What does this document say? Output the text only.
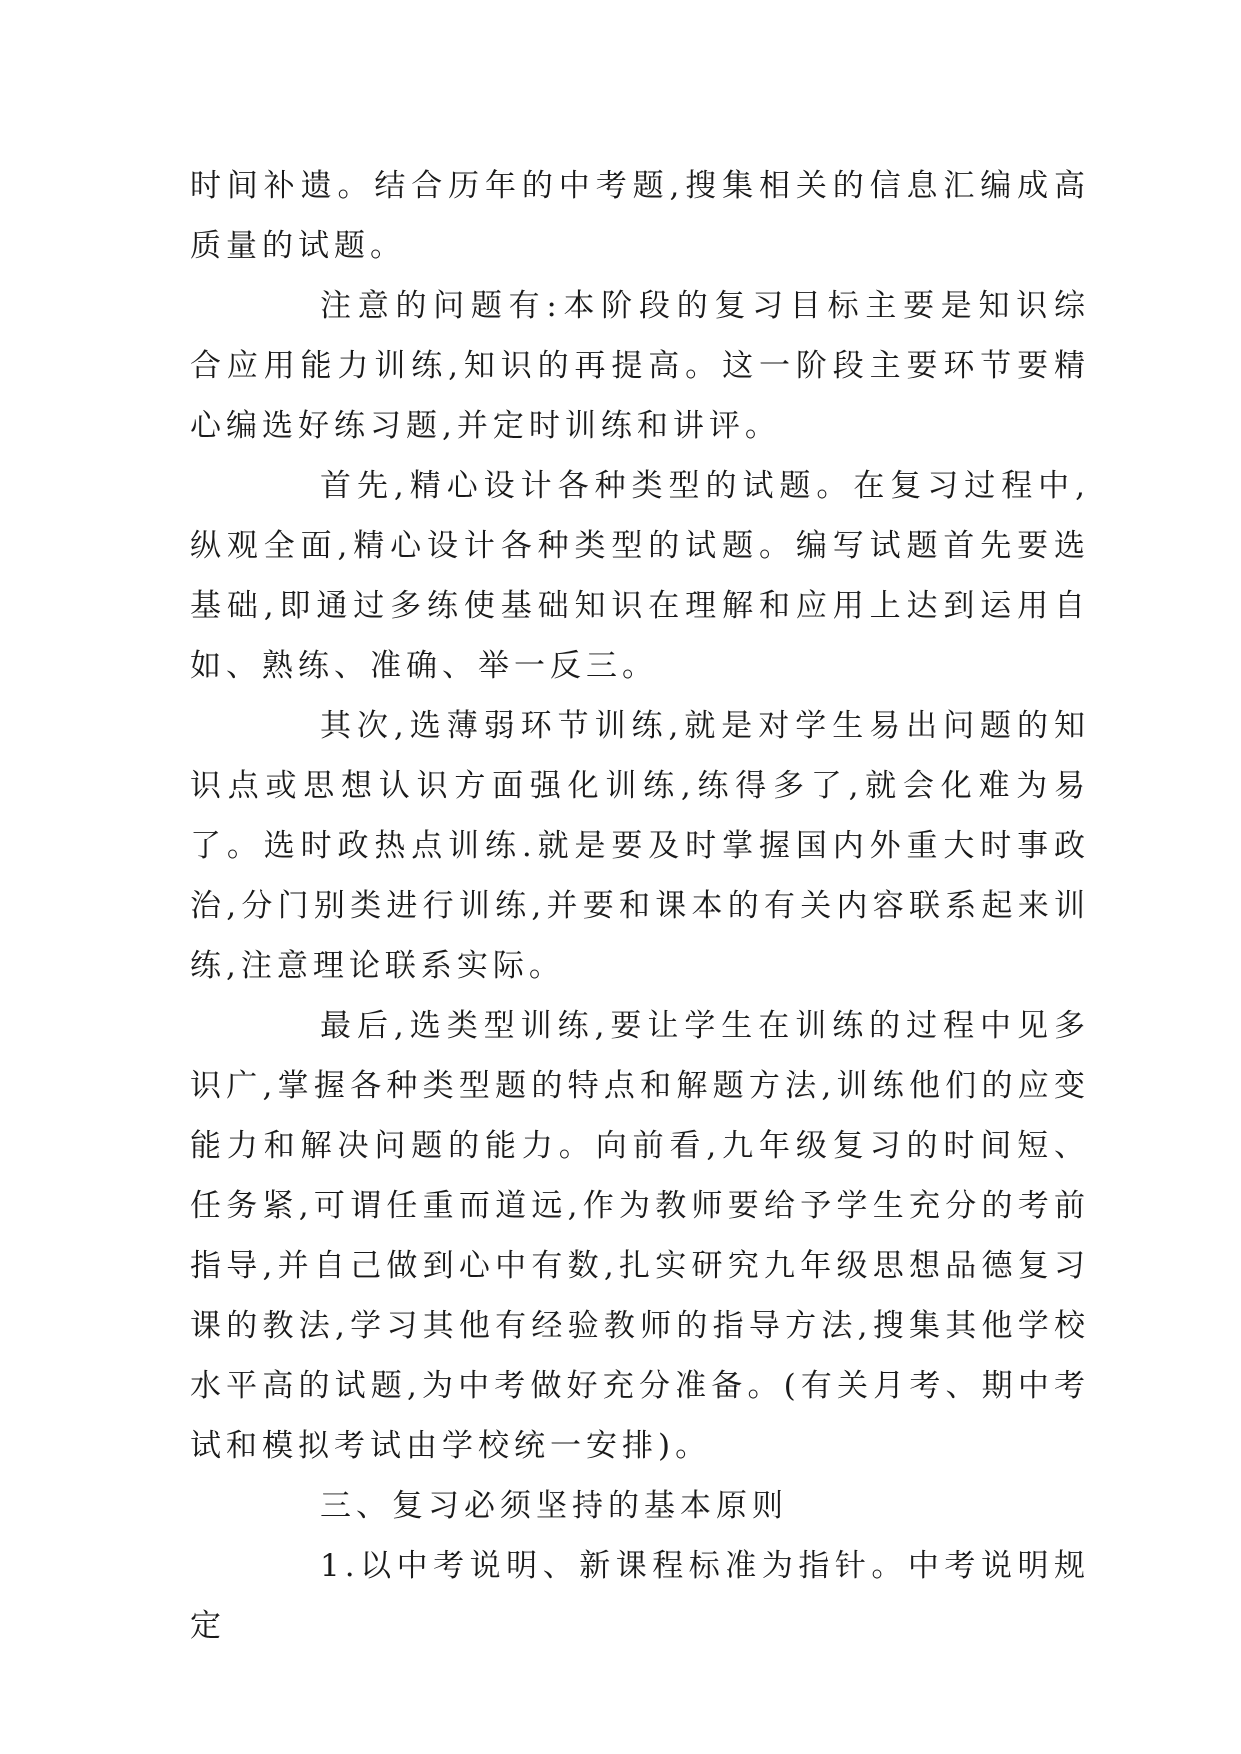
时间补遗。结合历年的中考题,搜集相关的信息汇编成高质量的试题。

注意的问题有:本阶段的复习目标主要是知识综合应用能力训练,知识的再提高。这一阶段主要环节要精心编选好练习题,并定时训练和讲评。

首先,精心设计各种类型的试题。在复习过程中,纵观全面,精心设计各种类型的试题。编写试题首先要选基础,即通过多练使基础知识在理解和应用上达到运用自如、熟练、准确、举一反三。

其次,选薄弱环节训练,就是对学生易出问题的知识点或思想认识方面强化训练,练得多了,就会化难为易了。选时政热点训练.就是要及时掌握国内外重大时事政治,分门别类进行训练,并要和课本的有关内容联系起来训练,注意理论联系实际。

最后,选类型训练,要让学生在训练的过程中见多识广,掌握各种类型题的特点和解题方法,训练他们的应变能力和解决问题的能力。向前看,九年级复习的时间短、任务紧,可谓任重而道远,作为教师要给予学生充分的考前指导,并自己做到心中有数,扎实研究九年级思想品德复习课的教法,学习其他有经验教师的指导方法,搜集其他学校水平高的试题,为中考做好充分准备。(有关月考、期中考试和模拟考试由学校统一安排)。

三、复习必须坚持的基本原则

1.以中考说明、新课程标准为指针。中考说明规定
